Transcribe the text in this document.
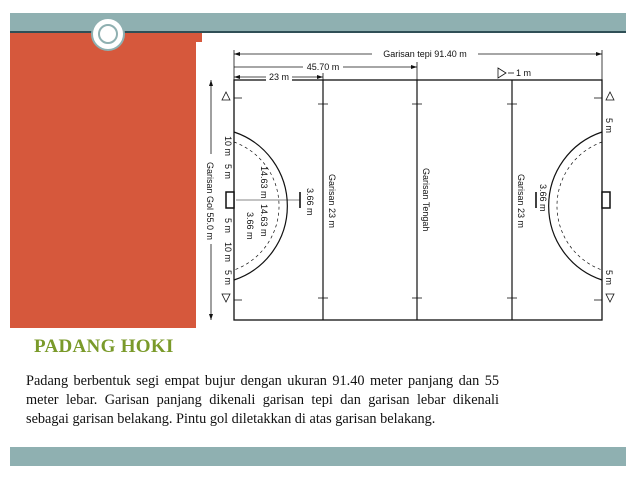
Garisan tepi 91.40 m
45.70 m
23 m	1 m
Garisan Gol 55.0 m
10 m
5 m
5 m
10 m
5 m
14.63 m
14.63 m
3.66 m
3.66 m Garisan 23 m	Garisan Tengah	Garisan 23 m 3.66 m
5 m
5 m
PADANG HOKI
Padang berbentuk segi empat bujur dengan ukuran 91.40 meter panjang dan 55 meter lebar. Garisan panjang dikenali garisan tepi dan garisan lebar dikenali sebagai garisan belakang. Pintu gol diletakkan di atas garisan belakang.
